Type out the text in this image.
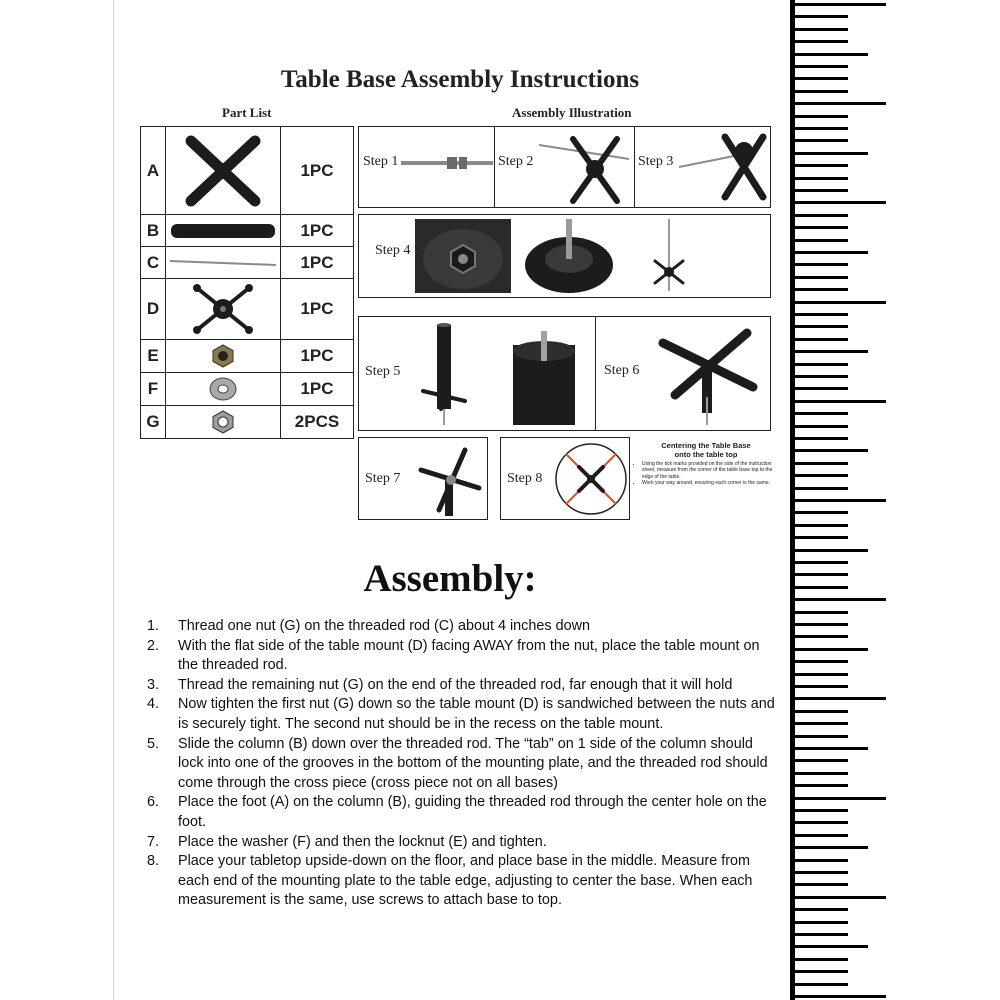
Table Base Assembly Instructions
Part List	Assembly Illustration
A		1PC
B		1PC
C		1PC
D		1PC
E		1PC
F		1PC
G		2PCS
Step 1	Step 2	Step 3
Step 4
Step 5	Step 6
Step 7	Step 8
Centering the Table Base
onto the table top
• Using the tick marks provided on the side of the instruction sheet, measure from the corner of the table base top to the edge of the table.
• Work your way around, ensuring each corner is the same.
Assembly:
1. Thread one nut (G) on the threaded rod (C) about 4 inches down
2. With the flat side of the table mount (D) facing AWAY from the nut, place the table mount on the threaded rod.
3. Thread the remaining nut (G) on the end of the threaded rod, far enough that it will hold
4. Now tighten the first nut (G) down so the table mount (D) is sandwiched between the nuts and is securely tight. The second nut should be in the recess on the table mount.
5. Slide the column (B) down over the threaded rod. The “tab” on 1 side of the column should lock into one of the grooves in the bottom of the mounting plate, and the threaded rod should come through the cross piece (cross piece not on all bases)
6. Place the foot (A) on the column (B), guiding the threaded rod through the center hole on the foot.
7. Place the washer (F) and then the locknut (E) and tighten.
8. Place your tabletop upside-down on the floor, and place base in the middle. Measure from each end of the mounting plate to the table edge, adjusting to center the base. When each measurement is the same, use screws to attach base to top.
